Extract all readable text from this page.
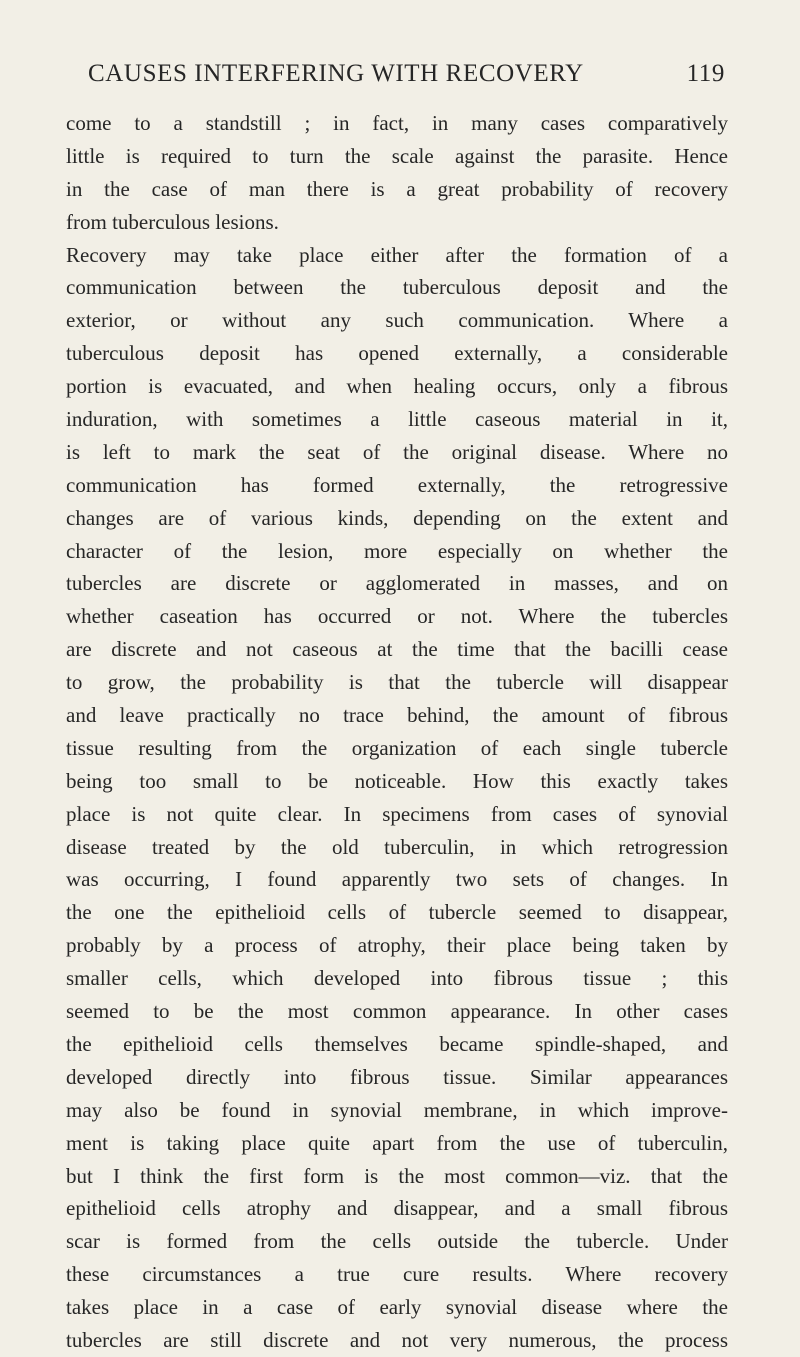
CAUSES INTERFERING WITH RECOVERY	119
come to a standstill ; in fact, in many cases comparatively
little is required to turn the scale against the parasite. Hence
in the case of man there is a great probability of recovery
from tuberculous lesions.
Recovery may take place either after the formation of a
communication between the tuberculous deposit and the
exterior, or without any such communication. Where a
tuberculous deposit has opened externally, a considerable
portion is evacuated, and when healing occurs, only a fibrous
induration, with sometimes a little caseous material in it,
is left to mark the seat of the original disease. Where no
communication has formed externally, the retrogressive
changes are of various kinds, depending on the extent and
character of the lesion, more especially on whether the
tubercles are discrete or agglomerated in masses, and on
whether caseation has occurred or not. Where the tubercles
are discrete and not caseous at the time that the bacilli cease
to grow, the probability is that the tubercle will disappear
and leave practically no trace behind, the amount of fibrous
tissue resulting from the organization of each single tubercle
being too small to be noticeable. How this exactly takes
place is not quite clear. In specimens from cases of synovial
disease treated by the old tuberculin, in which retrogression
was occurring, I found apparently two sets of changes. In
the one the epithelioid cells of tubercle seemed to disappear,
probably by a process of atrophy, their place being taken by
smaller cells, which developed into fibrous tissue ; this
seemed to be the most common appearance. In other cases
the epithelioid cells themselves became spindle-shaped, and
developed directly into fibrous tissue. Similar appearances
may also be found in synovial membrane, in which improve-
ment is taking place quite apart from the use of tuberculin,
but I think the first form is the most common—viz. that the
epithelioid cells atrophy and disappear, and a small fibrous
scar is formed from the cells outside the tubercle. Under
these circumstances a true cure results. Where recovery
takes place in a case of early synovial disease where the
tubercles are still discrete and not very numerous, the process
